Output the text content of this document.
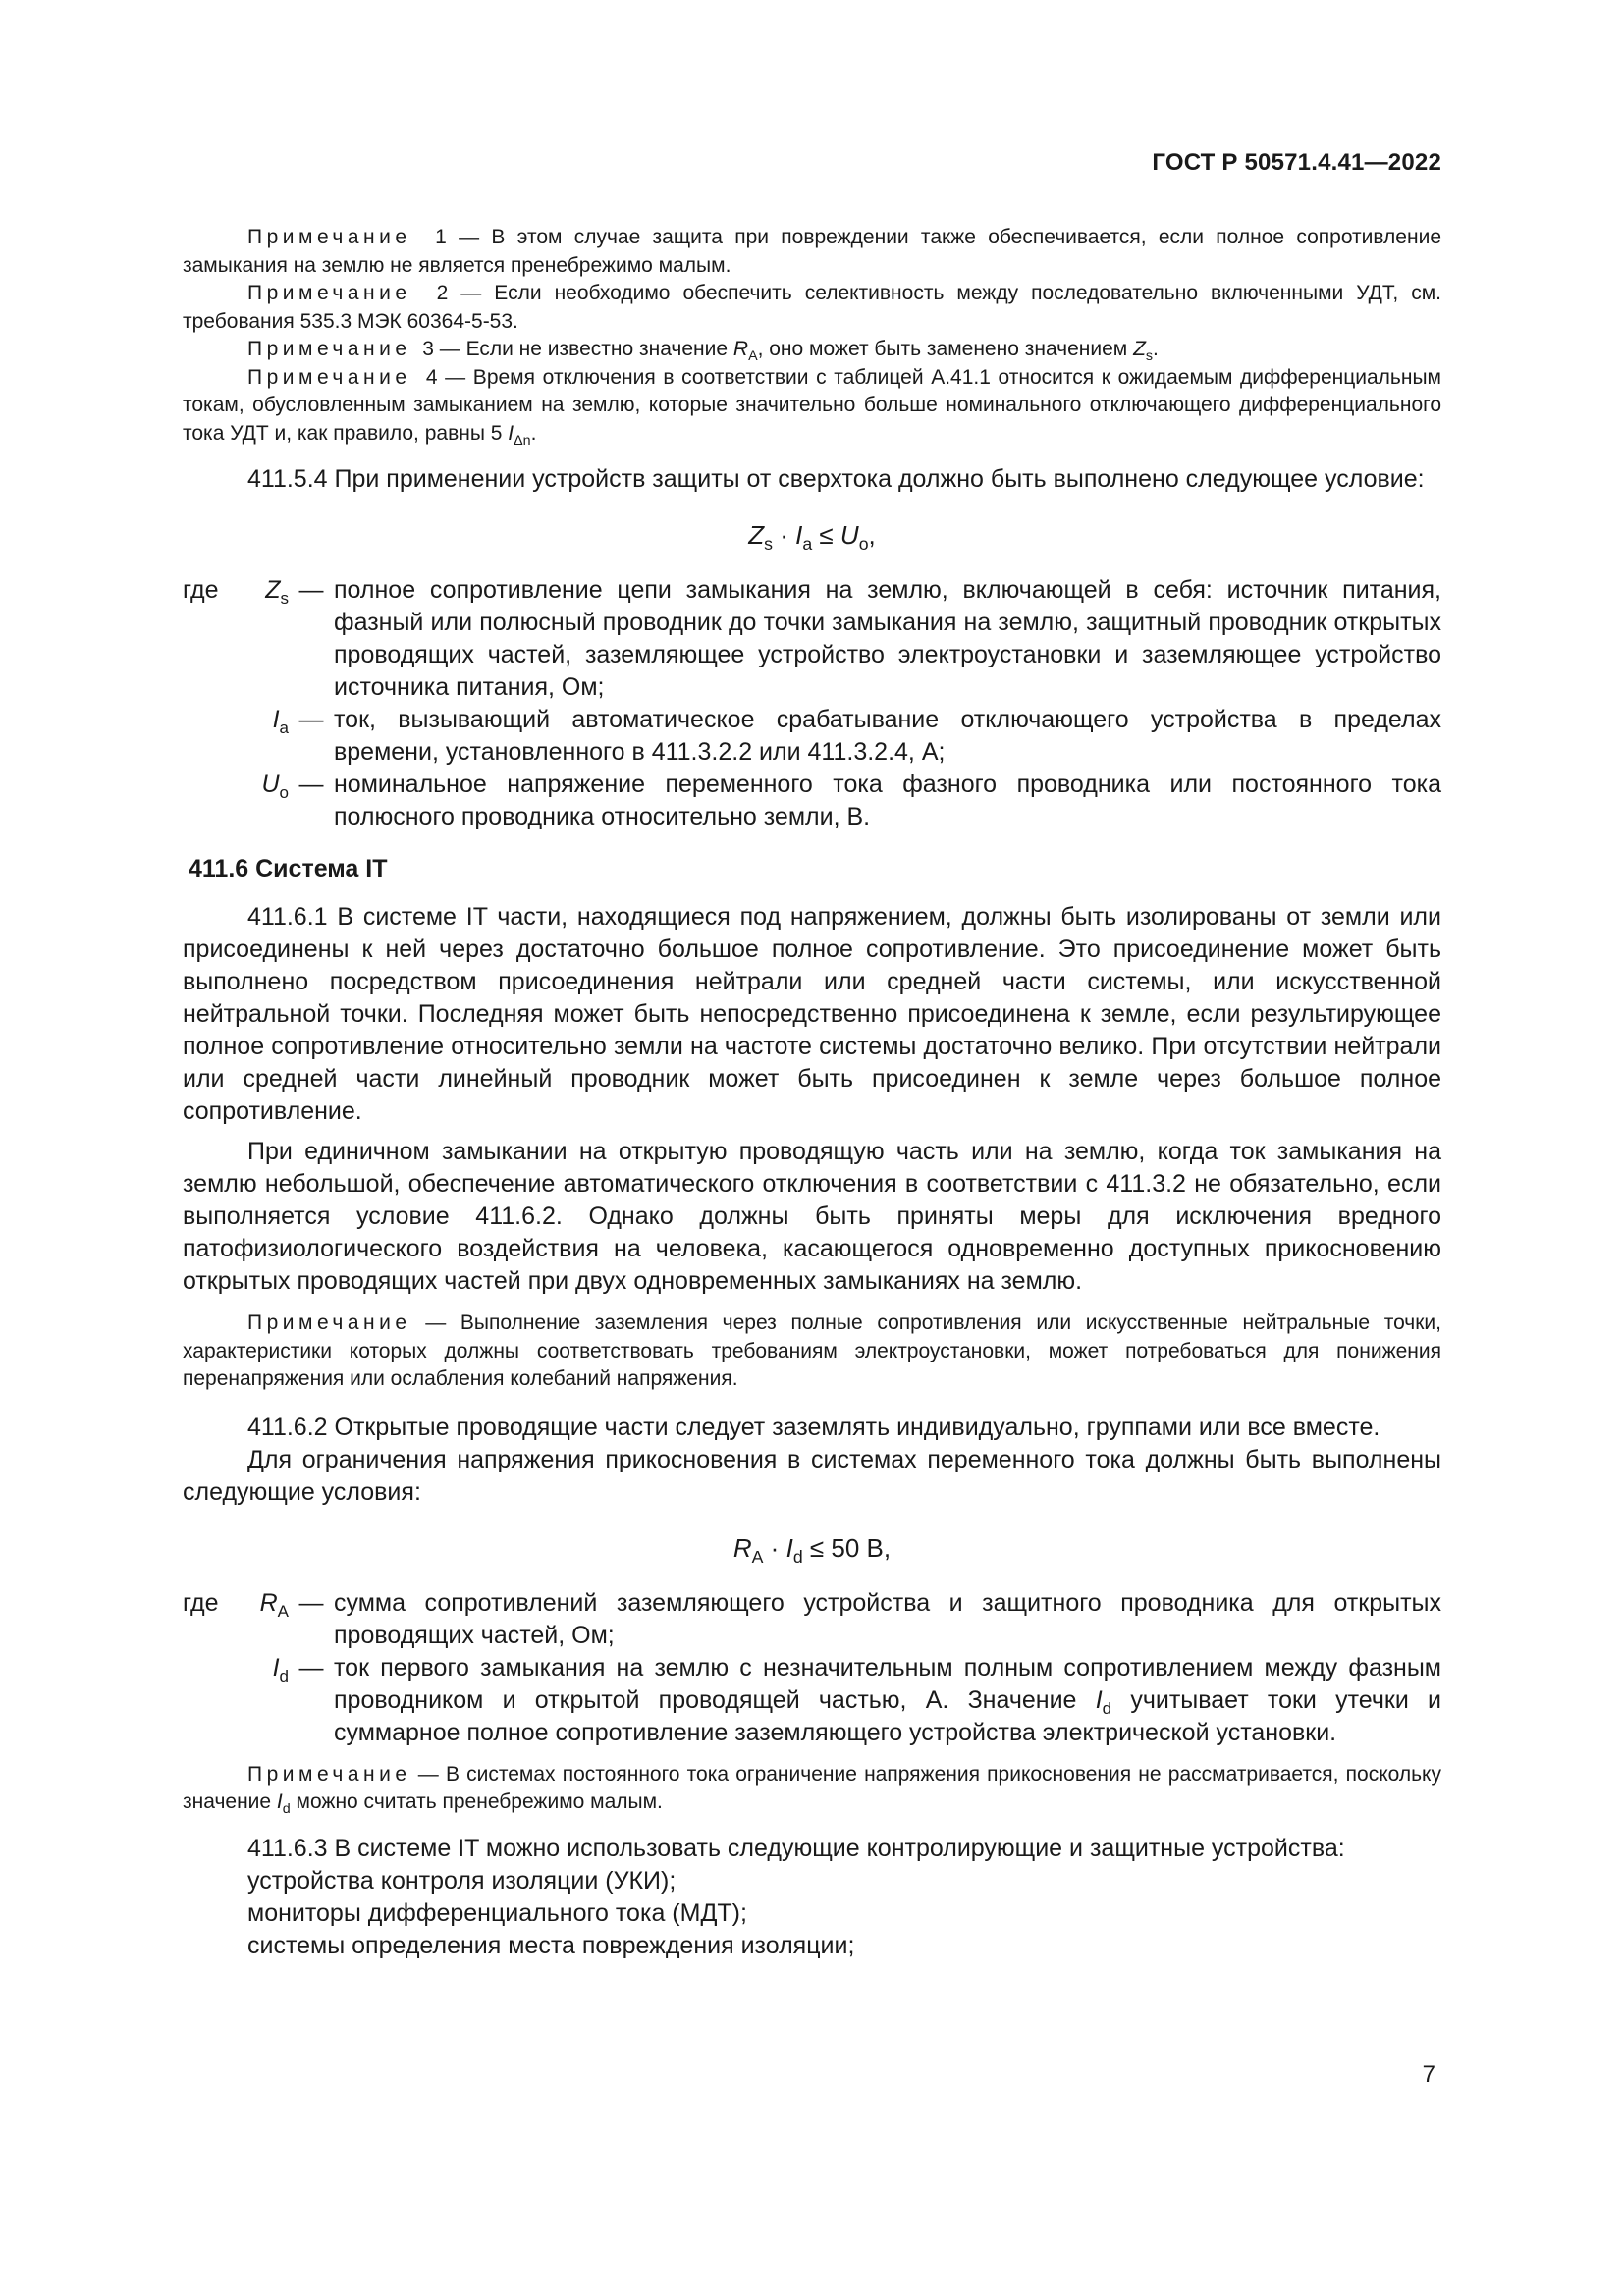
ГОСТ Р 50571.4.41—2022

Примечание 1 — В этом случае защита при повреждении также обеспечивается, если полное сопротивление замыкания на землю не является пренебрежимо малым.

Примечание 2 — Если необходимо обеспечить селективность между последовательно включенными УДТ, см. требования 535.3 МЭК 60364-5-53.

Примечание 3 — Если не известно значение $R_A$, оно может быть заменено значением $Z_s$.

Примечание 4 — Время отключения в соответствии с таблицей А.41.1 относится к ожидаемым дифференциальным токам, обусловленным замыканием на землю, которые значительно больше номинального отключающего дифференциального тока УДТ и, как правило, равны 5 $I_{\Delta n}$.

411.5.4 При применении устройств защиты от сверхтока должно быть выполнено следующее условие:

$Z_s \cdot I_a \le U_o$,
где	$Z_s$	—	полное сопротивление цепи замыкания на землю, включающей в себя: источник питания, фазный или полюсный проводник до точки замыкания на землю, защитный проводник открытых проводящих частей, заземляющее устройство электроустановки и заземляющее устройство источника питания, Ом;
	$I_a$	—	ток, вызывающий автоматическое срабатывание отключающего устройства в пределах времени, установленного в 411.3.2.2 или 411.3.2.4, А;
	$U_o$	—	номинальное напряжение переменного тока фазного проводника или постоянного тока полюсного проводника относительно земли, В.

411.6 Система IT

411.6.1 В системе IT части, находящиеся под напряжением, должны быть изолированы от земли или присоединены к ней через достаточно большое полное сопротивление. Это присоединение может быть выполнено посредством присоединения нейтрали или средней части системы, или искусственной нейтральной точки. Последняя может быть непосредственно присоединена к земле, если результирующее полное сопротивление относительно земли на частоте системы достаточно велико. При отсутствии нейтрали или средней части линейный проводник может быть присоединен к земле через большое полное сопротивление.

При единичном замыкании на открытую проводящую часть или на землю, когда ток замыкания на землю небольшой, обеспечение автоматического отключения в соответствии с 411.3.2 не обязательно, если выполняется условие 411.6.2. Однако должны быть приняты меры для исключения вредного патофизиологического воздействия на человека, касающегося одновременно доступных прикосновению открытых проводящих частей при двух одновременных замыканиях на землю.

Примечание — Выполнение заземления через полные сопротивления или искусственные нейтральные точки, характеристики которых должны соответствовать требованиям электроустановки, может потребоваться для понижения перенапряжения или ослабления колебаний напряжения.

411.6.2 Открытые проводящие части следует заземлять индивидуально, группами или все вместе.

Для ограничения напряжения прикосновения в системах переменного тока должны быть выполнены следующие условия:

$R_A \cdot I_d \le 50$ В,
где	$R_A$	—	сумма сопротивлений заземляющего устройства и защитного проводника для открытых проводящих частей, Ом;
	$I_d$	—	ток первого замыкания на землю с незначительным полным сопротивлением между фазным проводником и открытой проводящей частью, А. Значение $I_d$ учитывает токи утечки и суммарное полное сопротивление заземляющего устройства электрической установки.

Примечание — В системах постоянного тока ограничение напряжения прикосновения не рассматривается, поскольку значение $I_d$ можно считать пренебрежимо малым.

411.6.3 В системе IT можно использовать следующие контролирующие и защитные устройства:

устройства контроля изоляции (УКИ);

мониторы дифференциального тока (МДТ);

системы определения места повреждения изоляции;

7
